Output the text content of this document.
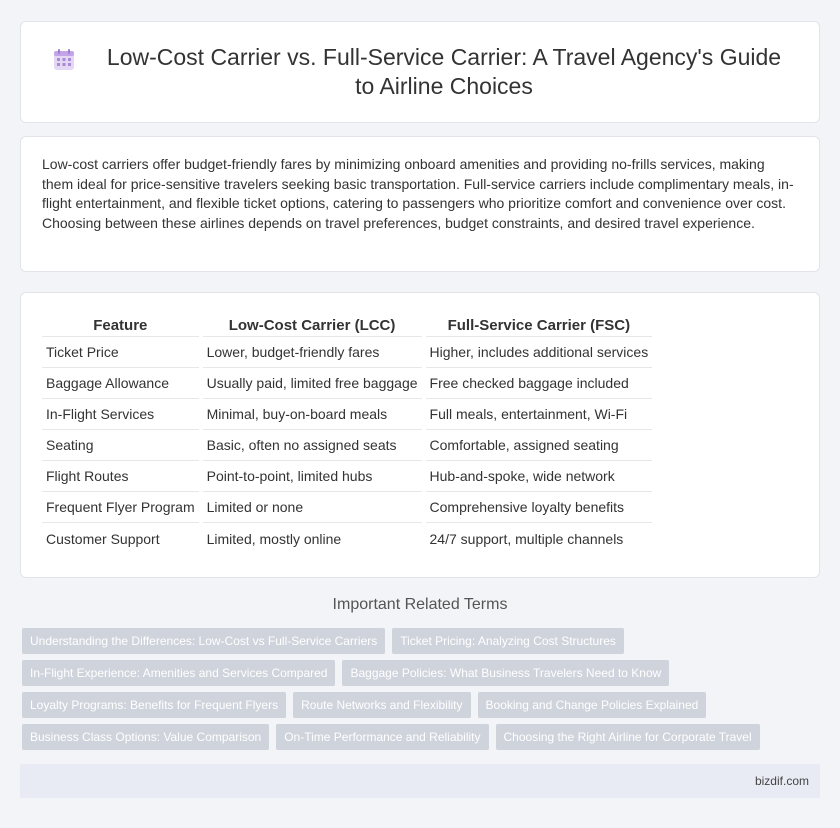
Low-Cost Carrier vs. Full-Service Carrier: A Travel Agency's Guide to Airline Choices

Low-cost carriers offer budget-friendly fares by minimizing onboard amenities and providing no-frills services, making them ideal for price-sensitive travelers seeking basic transportation. Full-service carriers include complimentary meals, in-flight entertainment, and flexible ticket options, catering to passengers who prioritize comfort and convenience over cost. Choosing between these airlines depends on travel preferences, budget constraints, and desired travel experience.

Feature	Low-Cost Carrier (LCC)	Full-Service Carrier (FSC)
Ticket Price	Lower, budget-friendly fares	Higher, includes additional services
Baggage Allowance	Usually paid, limited free baggage	Free checked baggage included
In-Flight Services	Minimal, buy-on-board meals	Full meals, entertainment, Wi-Fi
Seating	Basic, often no assigned seats	Comfortable, assigned seating
Flight Routes	Point-to-point, limited hubs	Hub-and-spoke, wide network
Frequent Flyer Program	Limited or none	Comprehensive loyalty benefits
Customer Support	Limited, mostly online	24/7 support, multiple channels
Important Related Terms
Understanding the Differences: Low-Cost vs Full-Service Carriers	Ticket Pricing: Analyzing Cost Structures
In-Flight Experience: Amenities and Services Compared	Baggage Policies: What Business Travelers Need to Know
Loyalty Programs: Benefits for Frequent Flyers	Route Networks and Flexibility	Booking and Change Policies Explained
Business Class Options: Value Comparison	On-Time Performance and Reliability	Choosing the Right Airline for Corporate Travel
bizdif.com
